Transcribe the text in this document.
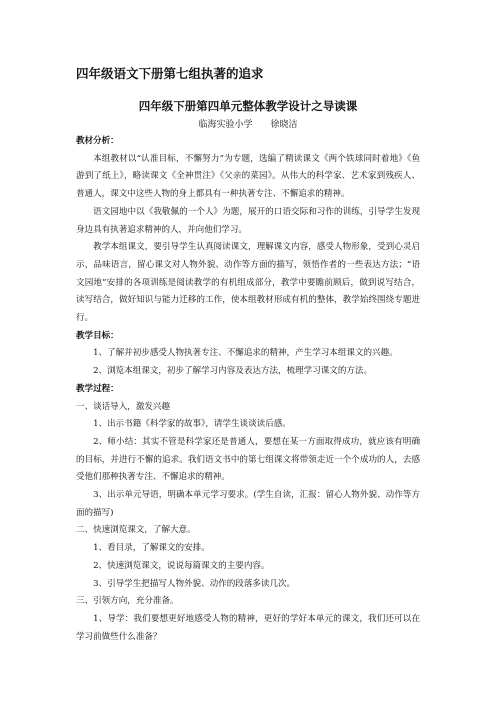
四年级语文下册第七组执著的追求
四年级下册第四单元整体教学设计之导读课
临海实验小学　　徐晓洁

教材分析：

本组教材以“认准目标，不懈努力”为专题，选编了精读课文《两个铁球同时着地》《鱼游到了纸上》，略读课文《全神贯注》《父亲的菜园》。从伟大的科学家、艺术家到残疾人、普通人，课文中这些人物的身上都具有一种执著专注、不懈追求的精神。

语文园地中以《我敬佩的一个人》为题，展开的口语交际和习作的训练，引导学生发现身边具有执著追求精神的人，并向他们学习。

教学本组课文，要引导学生认真阅读课文，理解课文内容，感受人物形象，受到心灵启示，品味语言，留心课文对人物外貌、动作等方面的描写，领悟作者的一些表达方法；“语文园地”安排的各项训练是阅读教学的有机组成部分，教学中要瞻前顾后，做到说写结合，读写结合，做好知识与能力迁移的工作，使本组教材形成有机的整体，教学始终围绕专题进行。

教学目标：

1、了解并初步感受人物执著专注、不懈追求的精神，产生学习本组课文的兴趣。

2、浏览本组课文，初步了解学习内容及表达方法，梳理学习课文的方法。

教学过程：

一、谈话导入，激发兴趣

1、出示书籍《科学家的故事》，请学生谈谈读后感。

2、师小结：其实不管是科学家还是普通人，要想在某一方面取得成功，就应该有明确的目标，并进行不懈的追求。我们语文书中的第七组课文将带领走近一个个成功的人，去感受他们那种执著专注、不懈追求的精神。

3、出示单元导语，明确本单元学习要求。(学生自读，汇报：留心人物外貌、动作等方面的描写)

二、快速浏览课文，了解大意。

1、看目录，了解课文的安排。

2、快速浏览课文，说说每篇课文的主要内容。

3、引导学生把描写人物外貌、动作的段落多读几次。

三、引领方向，充分准备。

1、导学：我们要想更好地感受人物的精神，更好的学好本单元的课文，我们还可以在学习前做些什么准备？
